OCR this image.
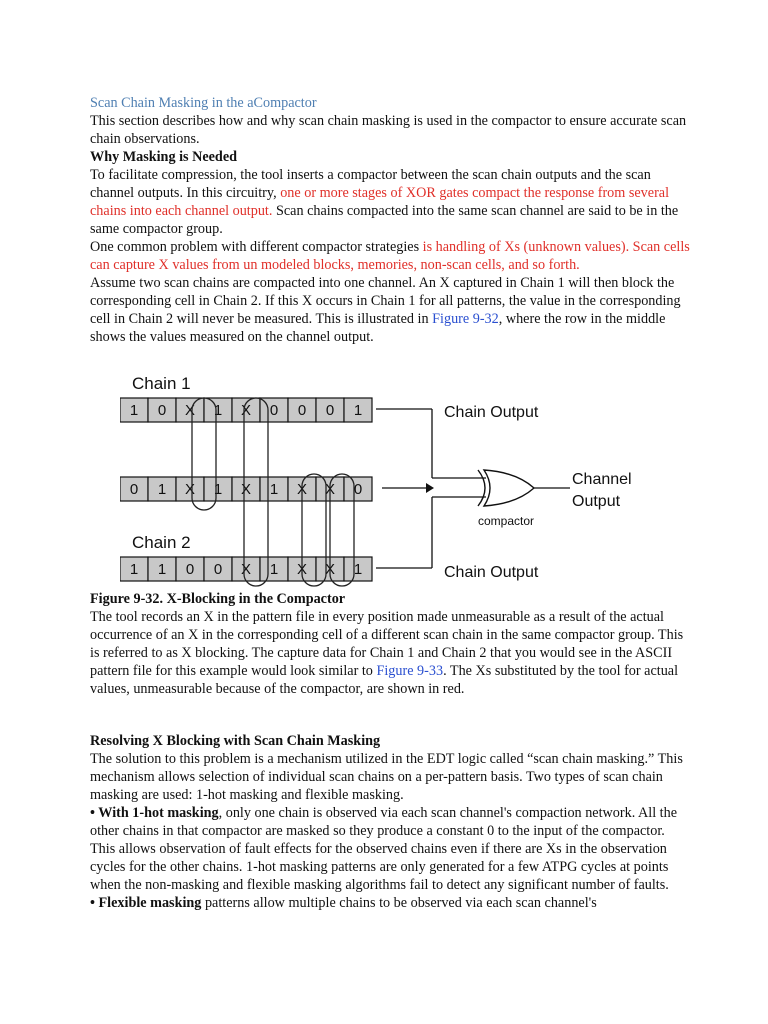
Scan Chain Masking in the aCompactor

This section describes how and why scan chain masking is used in the compactor to ensure accurate scan chain observations.

Why Masking is Needed

To facilitate compression, the tool inserts a compactor between the scan chain outputs and the scan channel outputs. In this circuitry, one or more stages of XOR gates compact the response from several chains into each channel output. Scan chains compacted into the same scan channel are said to be in the same compactor group.

One common problem with different compactor strategies is handling of Xs (unknown values). Scan cells can capture X values from un modeled blocks, memories, non-scan cells, and so forth.

Assume two scan chains are compacted into one channel. An X captured in Chain 1 will then block the corresponding cell in Chain 2. If this X occurs in Chain 1 for all patterns, the value in the corresponding cell in Chain 2 will never be measured. This is illustrated in Figure 9-32, where the row in the middle shows the values measured on the channel output.

1 0 X 1 X 0 0 0 1
0 1 X 1 X 1 X X 0
1 1 0 0 X 1 X X 1
Chain 1
Chain 2
Chain Output
Chain Output
Channel
Output
compactor

Figure 9-32. X-Blocking in the Compactor

The tool records an X in the pattern file in every position made unmeasurable as a result of the actual occurrence of an X in the corresponding cell of a different scan chain in the same compactor group. This is referred to as X blocking. The capture data for Chain 1 and Chain 2 that you would see in the ASCII pattern file for this example would look similar to Figure 9-33. The Xs substituted by the tool for actual values, unmeasurable because of the compactor, are shown in red.

Resolving X Blocking with Scan Chain Masking

The solution to this problem is a mechanism utilized in the EDT logic called “scan chain masking.” This mechanism allows selection of individual scan chains on a per-pattern basis. Two types of scan chain masking are used: 1-hot masking and flexible masking.

• With 1-hot masking, only one chain is observed via each scan channel's compaction network. All the other chains in that compactor are masked so they produce a constant 0 to the input of the compactor. This allows observation of fault effects for the observed chains even if there are Xs in the observation cycles for the other chains. 1-hot masking patterns are only generated for a few ATPG cycles at points when the non-masking and flexible masking algorithms fail to detect any significant number of faults.

• Flexible masking patterns allow multiple chains to be observed via each scan channel's
